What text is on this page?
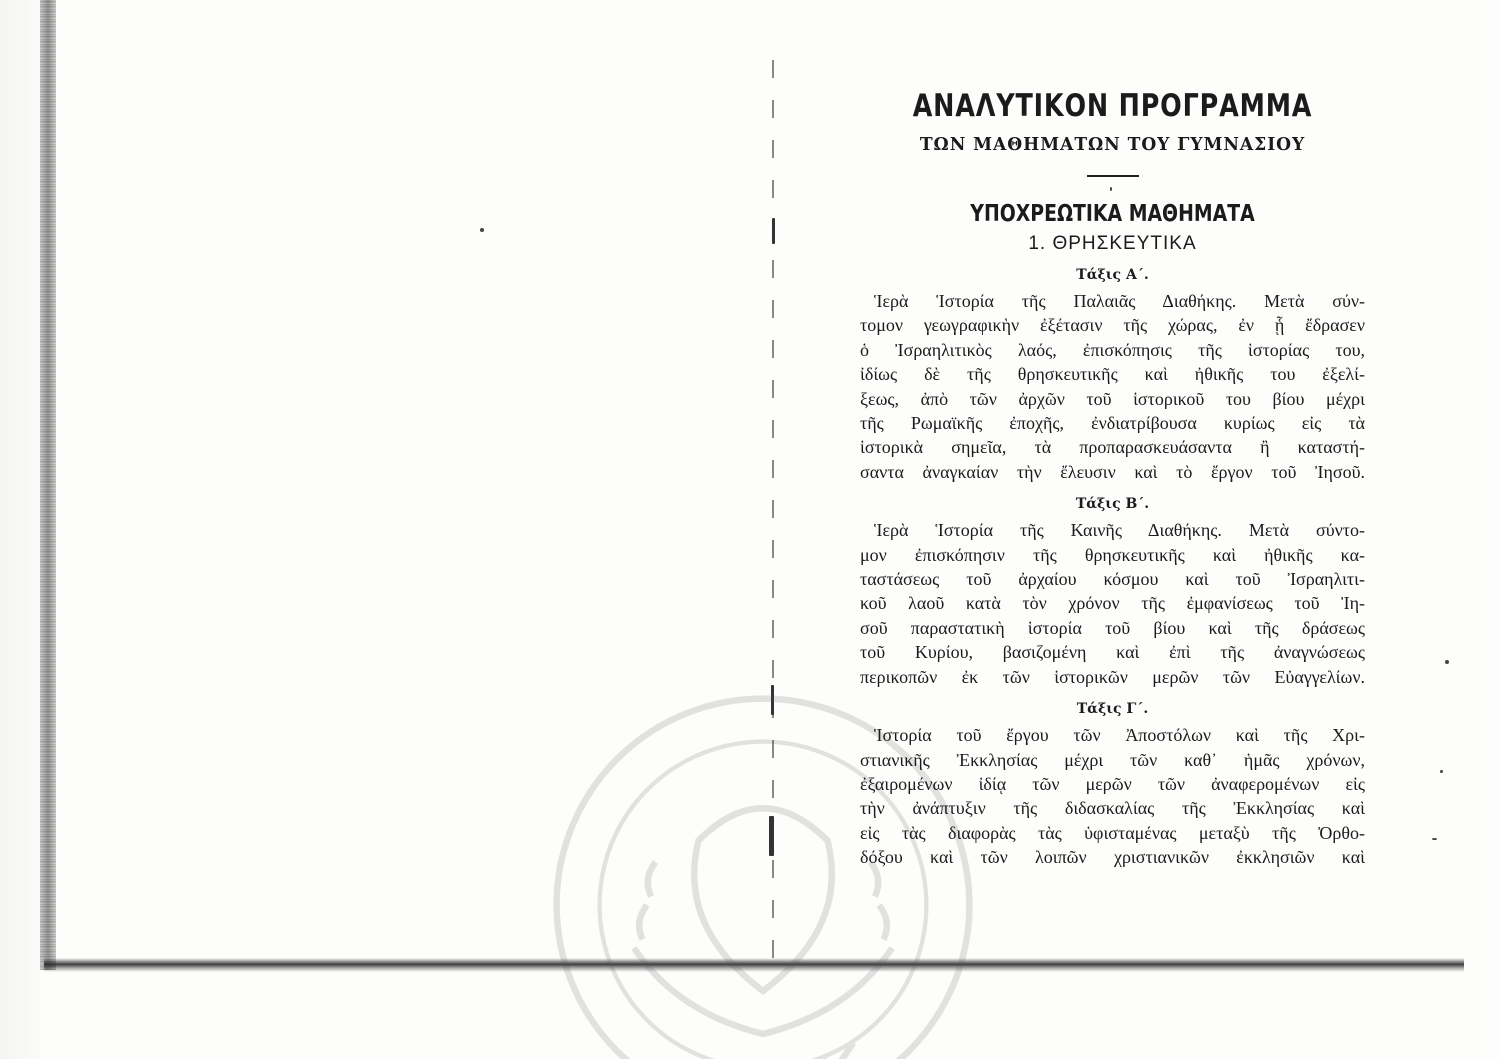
ΑΝΑΛΥΤΙΚΟΝ ΠΡΟΓΡΑΜΜΑ
ΤΩΝ ΜΑΘΗΜΑΤΩΝ ΤΟΥ ΓΥΜΝΑΣΙΟΥ
ΥΠΟΧΡΕΩΤΙΚΑ ΜΑΘΗΜΑΤΑ
1. ΘΡΗΣΚΕΥΤΙΚΑ
Τάξις Α΄.

Ἱερὰ Ἱστορία τῆς Παλαιᾶς Διαθήκης. Μετὰ σύν-
τομον γεωγραφικὴν ἐξέτασιν τῆς χώρας, ἐν ᾗ ἔδρασεν
ὁ Ἰσραηλιτικὸς λαός, ἐπισκόπησις τῆς ἱστορίας του,
ἰδίως δὲ τῆς θρησκευτικῆς καὶ ἠθικῆς του ἐξελί-
ξεως, ἀπὸ τῶν ἀρχῶν τοῦ ἱστορικοῦ του βίου μέχρι
τῆς Ρωμαϊκῆς ἐποχῆς, ἐνδιατρίβουσα κυρίως εἰς τὰ
ἱστορικὰ σημεῖα, τὰ προπαρασκευάσαντα ἢ καταστή-
σαντα ἀναγκαίαν τὴν ἔλευσιν καὶ τὸ ἔργον τοῦ Ἰησοῦ.

Τάξις Β΄.

Ἱερὰ Ἱστορία τῆς Καινῆς Διαθήκης. Μετὰ σύντο-
μον ἐπισκόπησιν τῆς θρησκευτικῆς καὶ ἠθικῆς κα-
ταστάσεως τοῦ ἀρχαίου κόσμου καὶ τοῦ Ἰσραηλιτι-
κοῦ λαοῦ κατὰ τὸν χρόνον τῆς ἐμφανίσεως τοῦ Ἰη-
σοῦ παραστατικὴ ἱστορία τοῦ βίου καὶ τῆς δράσεως
τοῦ Κυρίου, βασιζομένη καὶ ἐπὶ τῆς ἀναγνώσεως
περικοπῶν ἐκ τῶν ἱστορικῶν μερῶν τῶν Εὐαγγελίων.

Τάξις Γ΄.

Ἱστορία τοῦ ἔργου τῶν Ἀποστόλων καὶ τῆς Χρι-
στιανικῆς Ἐκκλησίας μέχρι τῶν καθ᾿ ἡμᾶς χρόνων,
ἐξαιρομένων ἰδίᾳ τῶν μερῶν τῶν ἀναφερομένων εἰς
τὴν ἀνάπτυξιν τῆς διδασκαλίας τῆς Ἐκκλησίας καὶ
εἰς τὰς διαφορὰς τὰς ὑφισταμένας μεταξὺ τῆς Ὀρθο-
δόξου καὶ τῶν λοιπῶν χριστιανικῶν ἐκκλησιῶν καὶ
